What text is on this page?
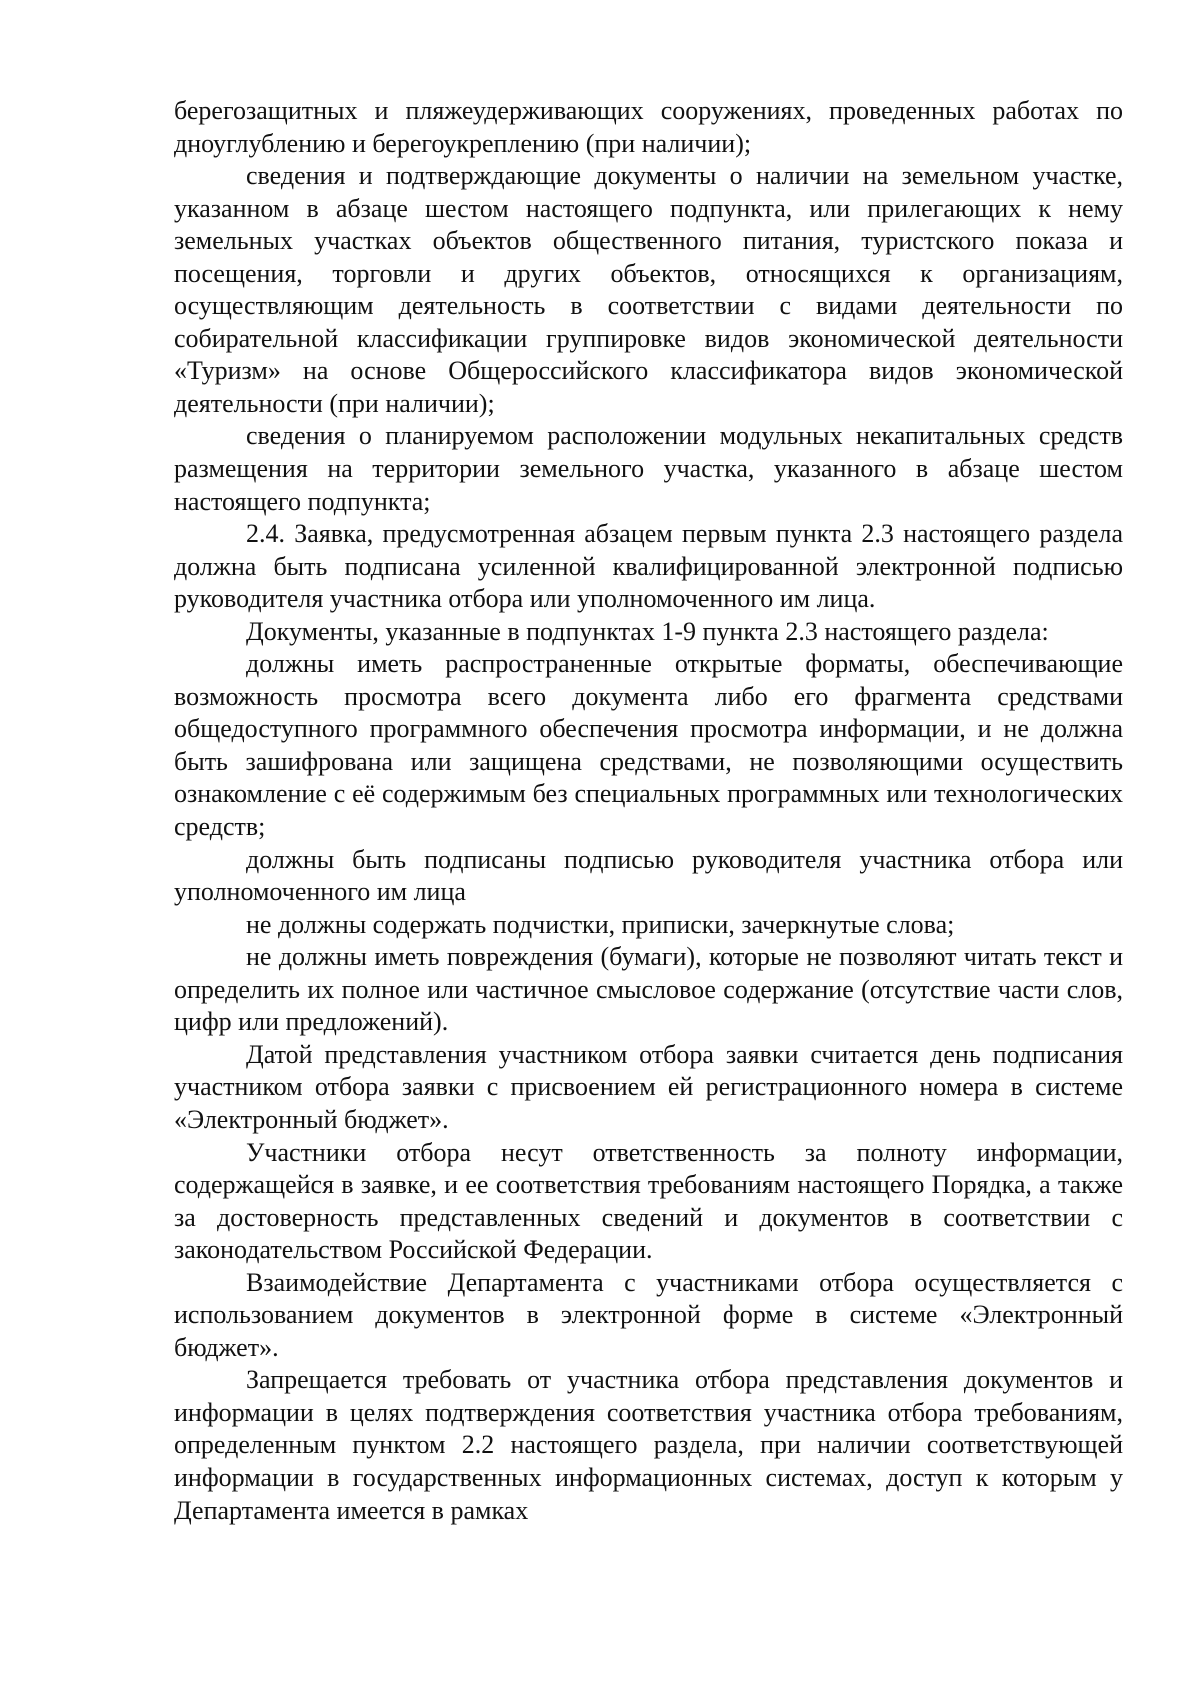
берегозащитных и пляжеудерживающих сооружениях, проведенных работах по дноуглублению и берегоукреплению (при наличии);

сведения и подтверждающие документы о наличии на земельном участке, указанном в абзаце шестом настоящего подпункта, или прилегающих к нему земельных участках объектов общественного питания, туристского показа и посещения, торговли и других объектов, относящихся к организациям, осуществляющим деятельность в соответствии с видами деятельности по собирательной классификации группировке видов экономической деятельности «Туризм» на основе Общероссийского классификатора видов экономической деятельности (при наличии);

сведения о планируемом расположении модульных некапитальных средств размещения на территории земельного участка, указанного в абзаце шестом настоящего подпункта;

2.4. Заявка, предусмотренная абзацем первым пункта 2.3 настоящего раздела должна быть подписана усиленной квалифицированной электронной подписью руководителя участника отбора или уполномоченного им лица.

Документы, указанные в подпунктах 1-9 пункта 2.3 настоящего раздела:

должны иметь распространенные открытые форматы, обеспечивающие возможность просмотра всего документа либо его фрагмента средствами общедоступного программного обеспечения просмотра информации, и не должна быть зашифрована или защищена средствами, не позволяющими осуществить ознакомление с её содержимым без специальных программных или технологических средств;

должны быть подписаны подписью руководителя участника отбора или уполномоченного им лица

не должны содержать подчистки, приписки, зачеркнутые слова;

не должны иметь повреждения (бумаги), которые не позволяют читать текст и определить их полное или частичное смысловое содержание (отсутствие части слов, цифр или предложений).

Датой представления участником отбора заявки считается день подписания участником отбора заявки с присвоением ей регистрационного номера в системе «Электронный бюджет».

Участники отбора несут ответственность за полноту информации, содержащейся в заявке, и ее соответствия требованиям настоящего Порядка, а также за достоверность представленных сведений и документов в соответствии с законодательством Российской Федерации.

Взаимодействие Департамента с участниками отбора осуществляется с использованием документов в электронной форме в системе «Электронный бюджет».

Запрещается требовать от участника отбора представления документов и информации в целях подтверждения соответствия участника отбора требованиям, определенным пунктом 2.2 настоящего раздела, при наличии соответствующей информации в государственных информационных системах, доступ к которым у Департамента имеется в рамках
